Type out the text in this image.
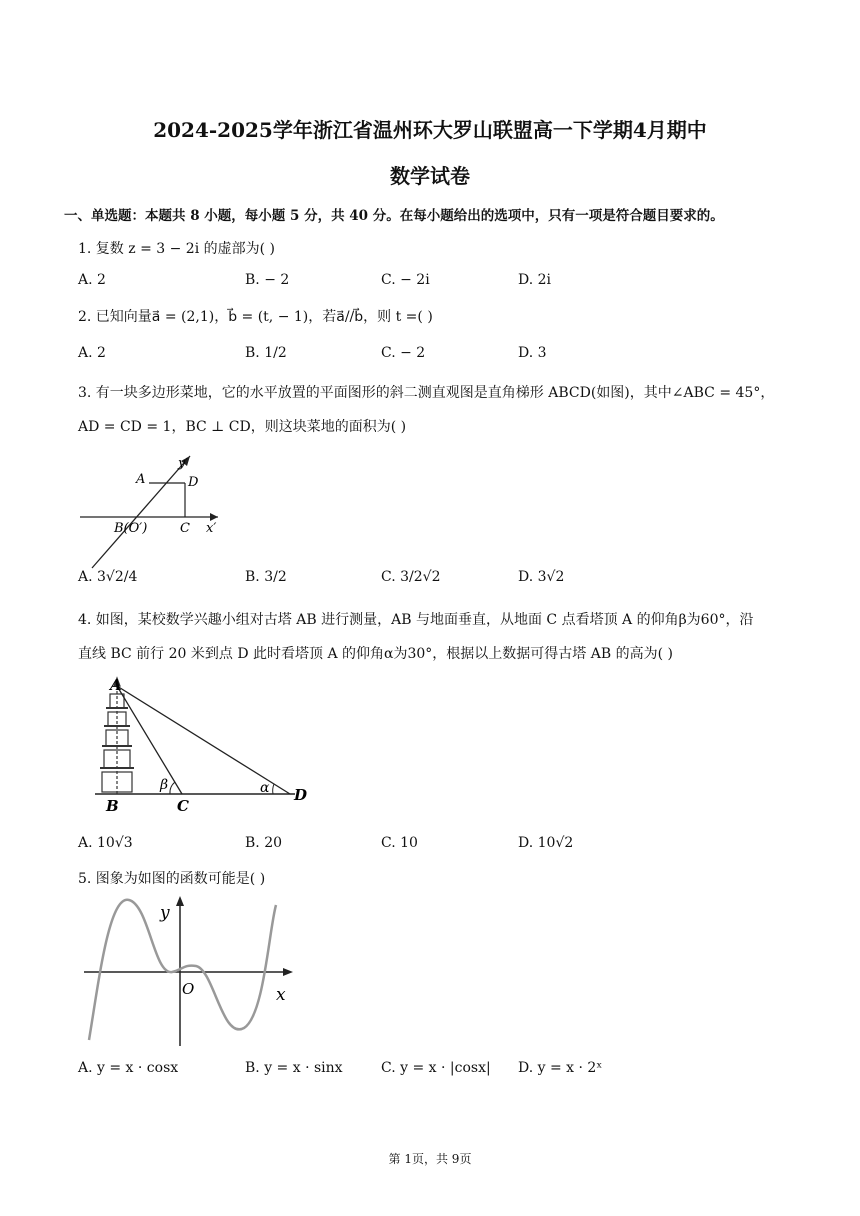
2024-2025学年浙江省温州环大罗山联盟高一下学期4月期中
数学试卷
一、单选题：本题共 8 小题，每小题 5 分，共 40 分。在每小题给出的选项中，只有一项是符合题目要求的。
1. 复数 z = 3 − 2i 的虚部为( )
A. 2	B. − 2	C. − 2i	D. 2i
2. 已知向量a⃗ = (2,1)，b⃗ = (t, − 1)，若a⃗//b⃗，则 t =( )
A. 2	B. 1/2	C. − 2	D. 3
3. 有一块多边形菜地，它的水平放置的平面图形的斜二测直观图是直角梯形 ABCD(如图)，其中∠ABC = 45°，
AD = CD = 1，BC ⊥ CD，则这块菜地的面积为( )
y′
A	D
B(O′)	C x′
A. 3√2/4	B. 3/2	C. 3/2√2	D. 3√2
4. 如图，某校数学兴趣小组对古塔 AB 进行测量，AB 与地面垂直，从地面 C 点看塔顶 A 的仰角β为60°，沿
直线 BC 前行 20 米到点 D 此时看塔顶 A 的仰角α为30°，根据以上数据可得古塔 AB 的高为( )
A
β	α
B	C
D
A. 10√3	B. 20	C. 10	D. 10√2
5. 图象为如图的函数可能是( )
y
O	x
A. y = x · cosx	B. y = x · sinx	C. y = x · |cosx| D. y = x · 2ˣ
第 1页，共 9页
